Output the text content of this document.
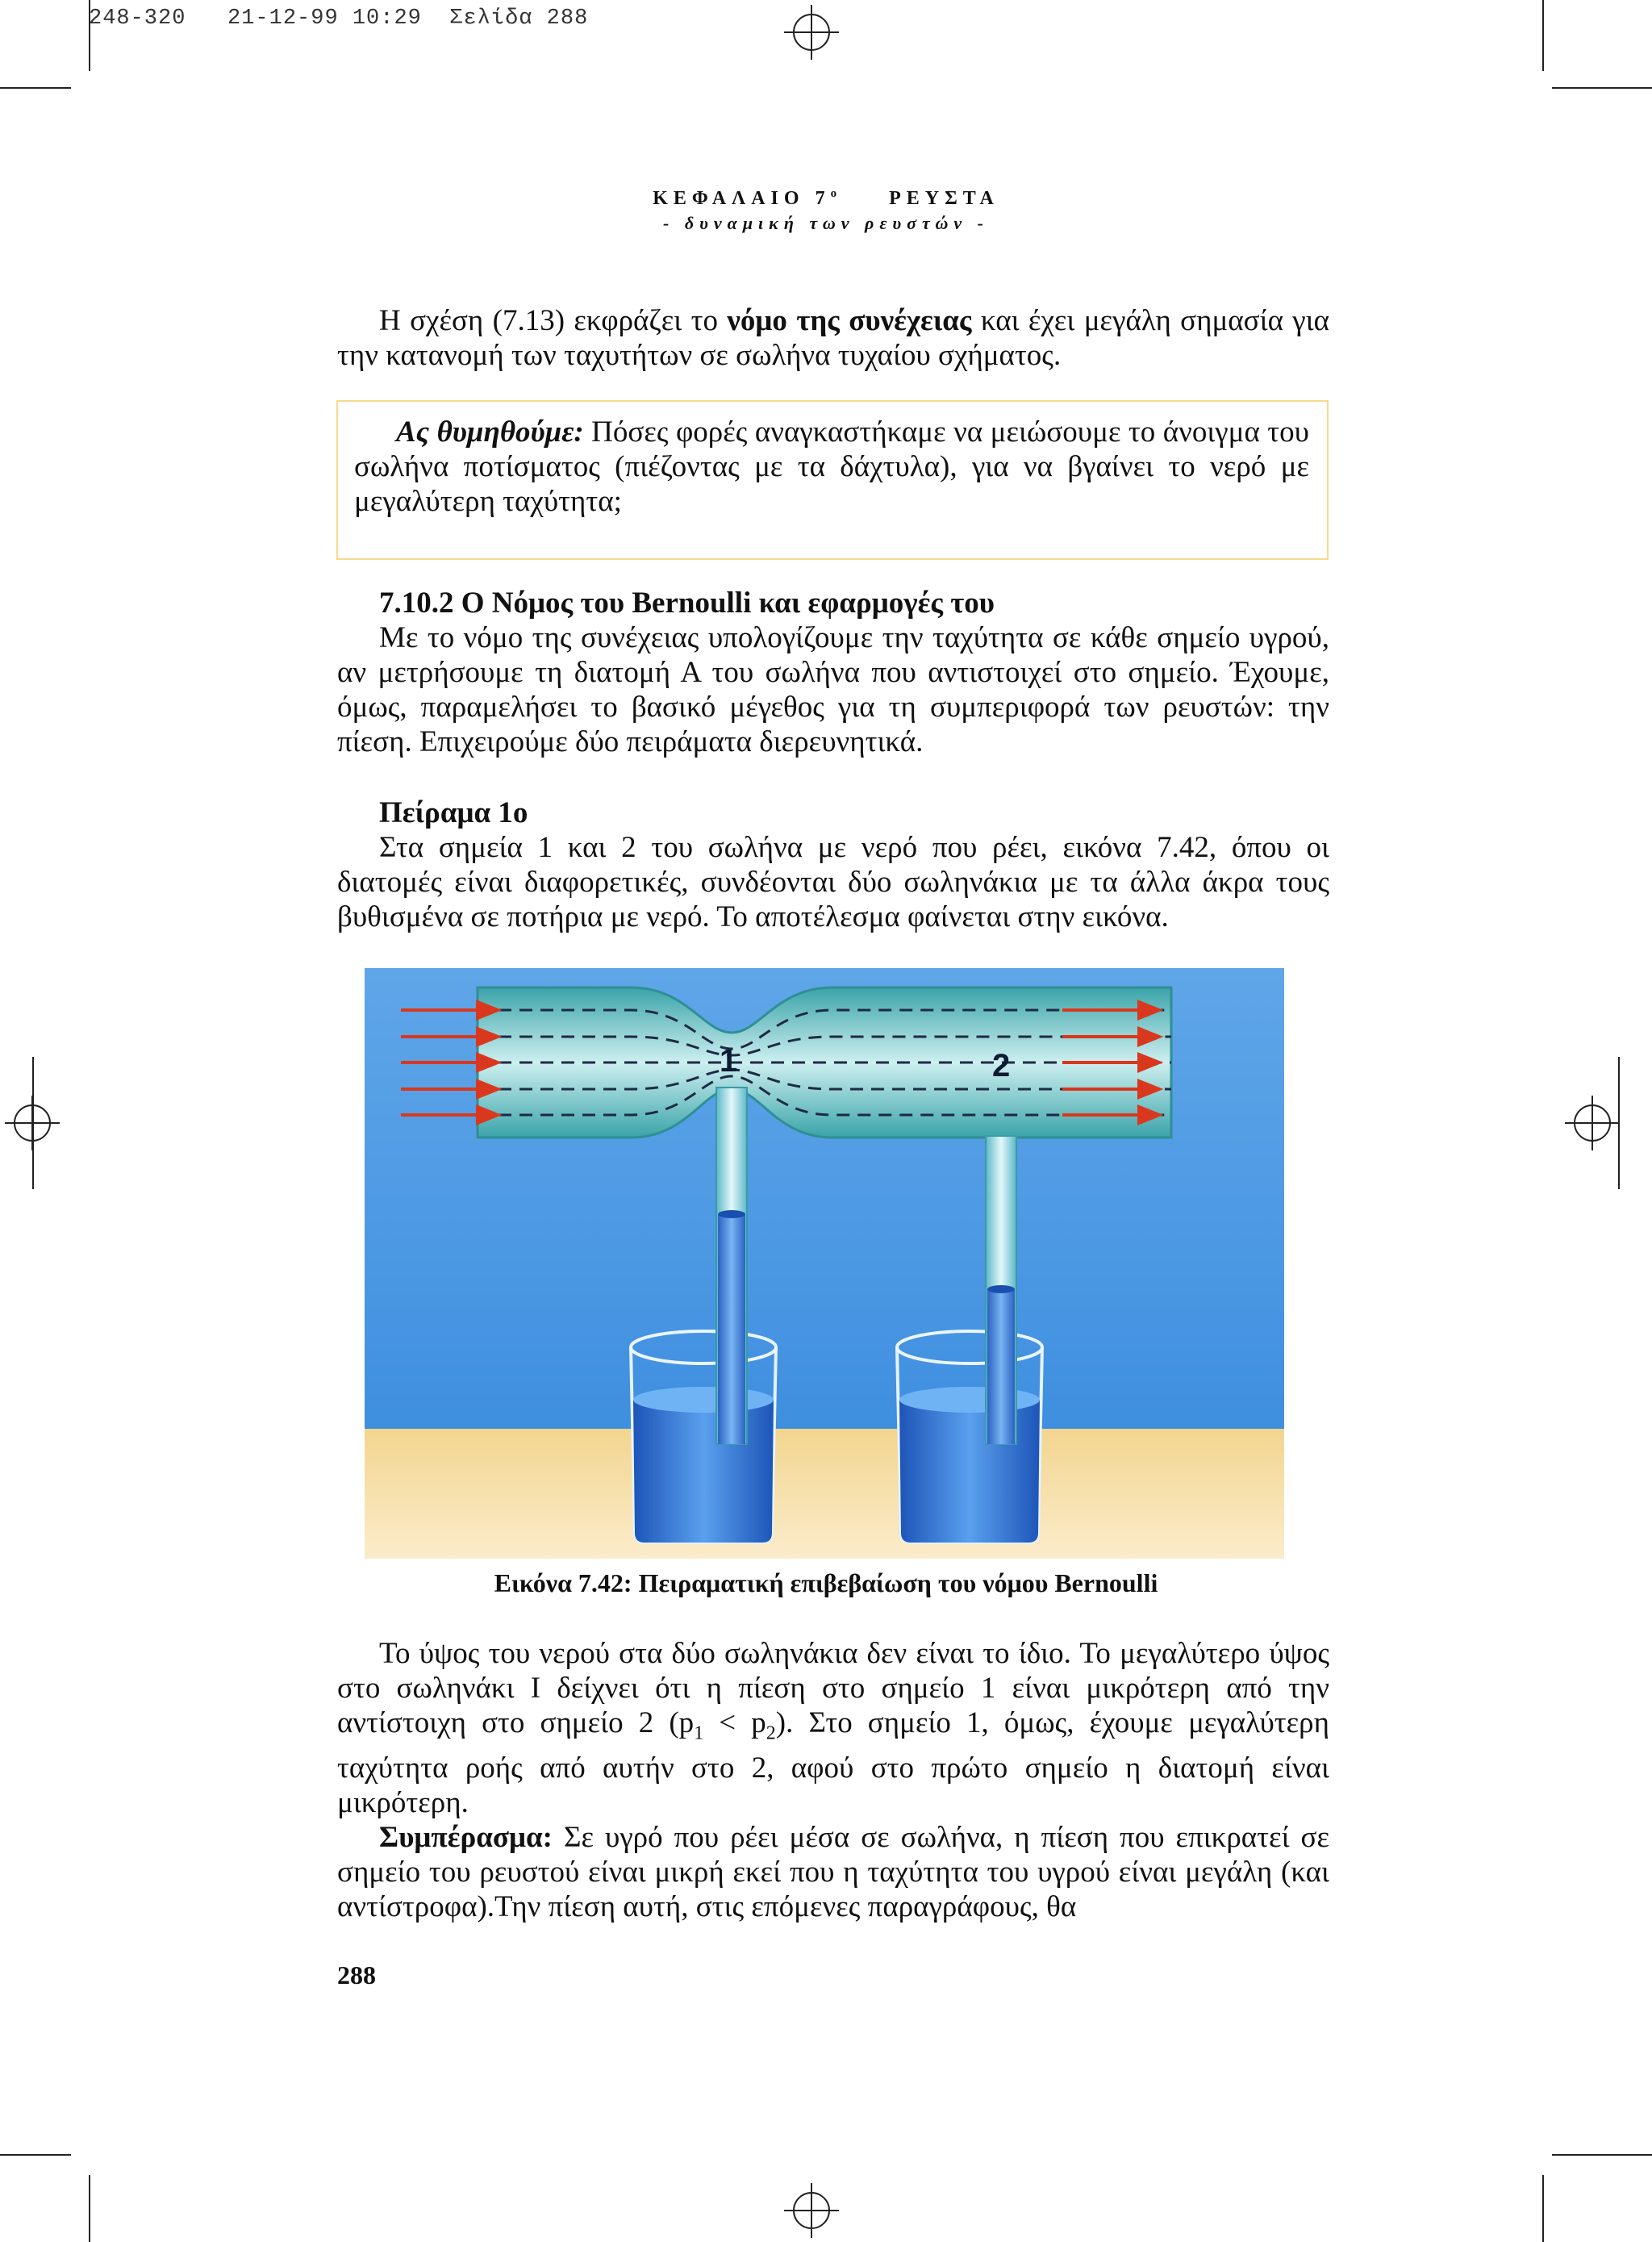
248-320   21-12-99 10:29  Σελίδα 288
ΚΕΦΑΛΑΙΟ $7^o$	ΡΕΥΣΤΑ
- δυναμική των ρευστών -

Η σχέση (7.13) εκφράζει το νόμο της συνέχειας και έχει μεγάλη σημασία για την κατανομή των ταχυτήτων σε σωλήνα τυχαίου σχήματος.

Ας θυμηθούμε: Πόσες φορές αναγκαστήκαμε να μειώσουμε το άνοιγμα του σωλήνα ποτίσματος (πιέζοντας με τα δάχτυλα), για να βγαίνει το νερό με μεγαλύτερη ταχύτητα;

7.10.2 Ο Νόμος του Bernoulli και εφαρμογές του

Με το νόμο της συνέχειας υπολογίζουμε την ταχύτητα σε κάθε σημείο υγρού, αν μετρήσουμε τη διατομή Α του σωλήνα που αντιστοιχεί στο σημείο. Έχουμε, όμως, παραμελήσει το βασικό μέγεθος για τη συμπεριφορά των ρευστών: την πίεση. Επιχειρούμε δύο πειράματα διερευνητικά.

Πείραμα 1ο

Στα σημεία 1 και 2 του σωλήνα με νερό που ρέει, εικόνα 7.42, όπου οι διατομές είναι διαφορετικές, συνδέονται δύο σωληνάκια με τα άλλα άκρα τους βυθισμένα σε ποτήρια με νερό. Το αποτέλεσμα φαίνεται στην εικόνα.

1	2
Εικόνα 7.42: Πειραματική επιβεβαίωση του νόμου Bernoulli

Το ύψος του νερού στα δύο σωληνάκια δεν είναι το ίδιο. Το μεγαλύτερο ύψος στο σωληνάκι Ι δείχνει ότι η πίεση στο σημείο 1 είναι μικρότερη από την αντίστοιχη στο σημείο 2 $(p_1 < p_2)$. Στο σημείο 1, όμως, έχουμε μεγαλύτερη ταχύτητα ροής από αυτήν στο 2, αφού στο πρώτο σημείο η διατομή είναι μικρότερη.

Συμπέρασμα: Σε υγρό που ρέει μέσα σε σωλήνα, η πίεση που επικρατεί σε σημείο του ρευστού είναι μικρή εκεί που η ταχύτητα του υγρού είναι μεγάλη (και αντίστροφα).Την πίεση αυτή, στις επόμενες παραγράφους, θα

288
